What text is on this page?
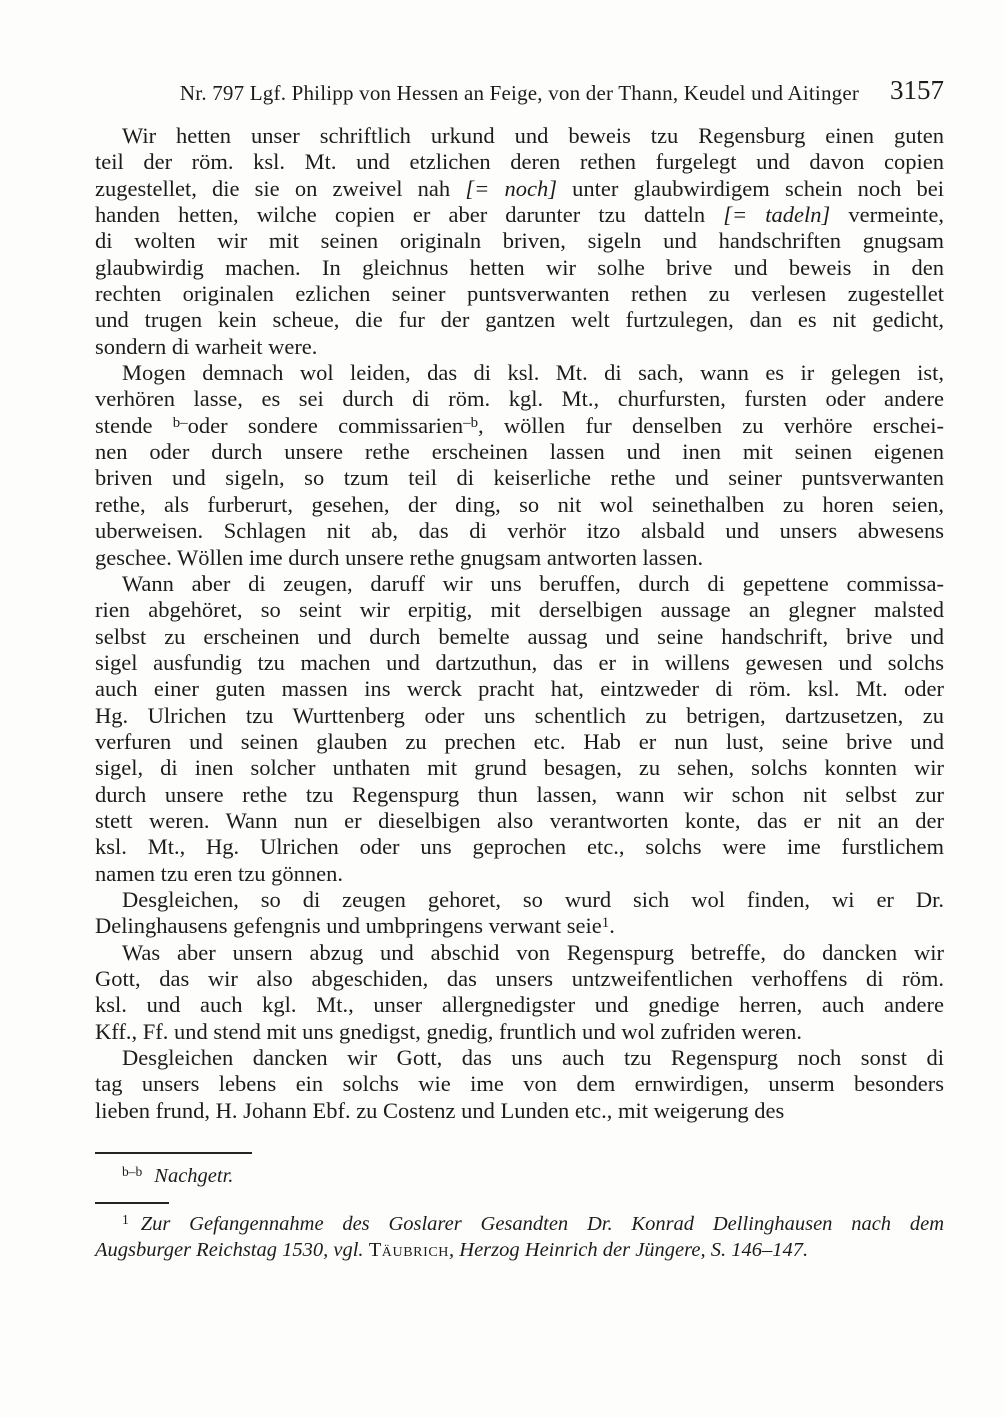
Nr. 797 Lgf. Philipp von Hessen an Feige, von der Thann, Keudel und Aitinger	3157
Wir hetten unser schriftlich urkund und beweis tzu Regensburg einen guten
teil der röm. ksl. Mt. und etzlichen deren rethen furgelegt und davon copien
zugestellet, die sie on zweivel nah [= noch] unter glaubwirdigem schein noch bei
handen hetten, wilche copien er aber darunter tzu datteln [= tadeln] vermeinte,
di wolten wir mit seinen originaln briven, sigeln und handschriften gnugsam
glaubwirdig machen. In gleichnus hetten wir solhe brive und beweis in den
rechten originalen ezlichen seiner puntsverwanten rethen zu verlesen zugestellet
und trugen kein scheue, die fur der gantzen welt furtzulegen, dan es nit gedicht,
sondern di warheit were.
Mogen demnach wol leiden, das di ksl. Mt. di sach, wann es ir gelegen ist,
verhören lasse, es sei durch di röm. kgl. Mt., churfursten, fursten oder andere
stende $^{b-}$oder sondere commissarien$^{-b}$, wöllen fur denselben zu verhöre erschei-
nen oder durch unsere rethe erscheinen lassen und inen mit seinen eigenen
briven und sigeln, so tzum teil di keiserliche rethe und seiner puntsverwanten
rethe, als furberurt, gesehen, der ding, so nit wol seinethalben zu horen seien,
uberweisen. Schlagen nit ab, das di verhör itzo alsbald und unsers abwesens
geschee. Wöllen ime durch unsere rethe gnugsam antworten lassen.
Wann aber di zeugen, daruff wir uns beruffen, durch di gepettene commissa-
rien abgehöret, so seint wir erpitig, mit derselbigen aussage an glegner malsted
selbst zu erscheinen und durch bemelte aussag und seine handschrift, brive und
sigel ausfundig tzu machen und dartzuthun, das er in willens gewesen und solchs
auch einer guten massen ins werck pracht hat, eintzweder di röm. ksl. Mt. oder
Hg. Ulrichen tzu Wurttenberg oder uns schentlich zu betrigen, dartzusetzen, zu
verfuren und seinen glauben zu prechen etc. Hab er nun lust, seine brive und
sigel, di inen solcher unthaten mit grund besagen, zu sehen, solchs konnten wir
durch unsere rethe tzu Regenspurg thun lassen, wann wir schon nit selbst zur
stett weren. Wann nun er dieselbigen also verantworten konte, das er nit an der
ksl. Mt., Hg. Ulrichen oder uns geprochen etc., solchs were ime furstlichem
namen tzu eren tzu gönnen.
Desgleichen, so di zeugen gehoret, so wurd sich wol finden, wi er Dr.
Delinghausens gefengnis und umbpringens verwant seie$^1$.
Was aber unsern abzug und abschid von Regenspurg betreffe, do dancken wir
Gott, das wir also abgeschiden, das unsers untzweifentlichen verhoffens di röm.
ksl. und auch kgl. Mt., unser allergnedigster und gnedige herren, auch andere
Kff., Ff. und stend mit uns gnedigst, gnedig, fruntlich und wol zufriden weren.
Desgleichen dancken wir Gott, das uns auch tzu Regenspurg noch sonst di
tag unsers lebens ein solchs wie ime von dem ernwirdigen, unserm besonders
lieben frund, H. Johann Ebf. zu Costenz und Lunden etc., mit weigerung des
$^{b-b}$ Nachgetr.
$^1$ Zur Gefangennahme des Goslarer Gesandten Dr. Konrad Dellinghausen nach dem
Augsburger Reichstag 1530, vgl. Täubrich, Herzog Heinrich der Jüngere, S. 146–147.
